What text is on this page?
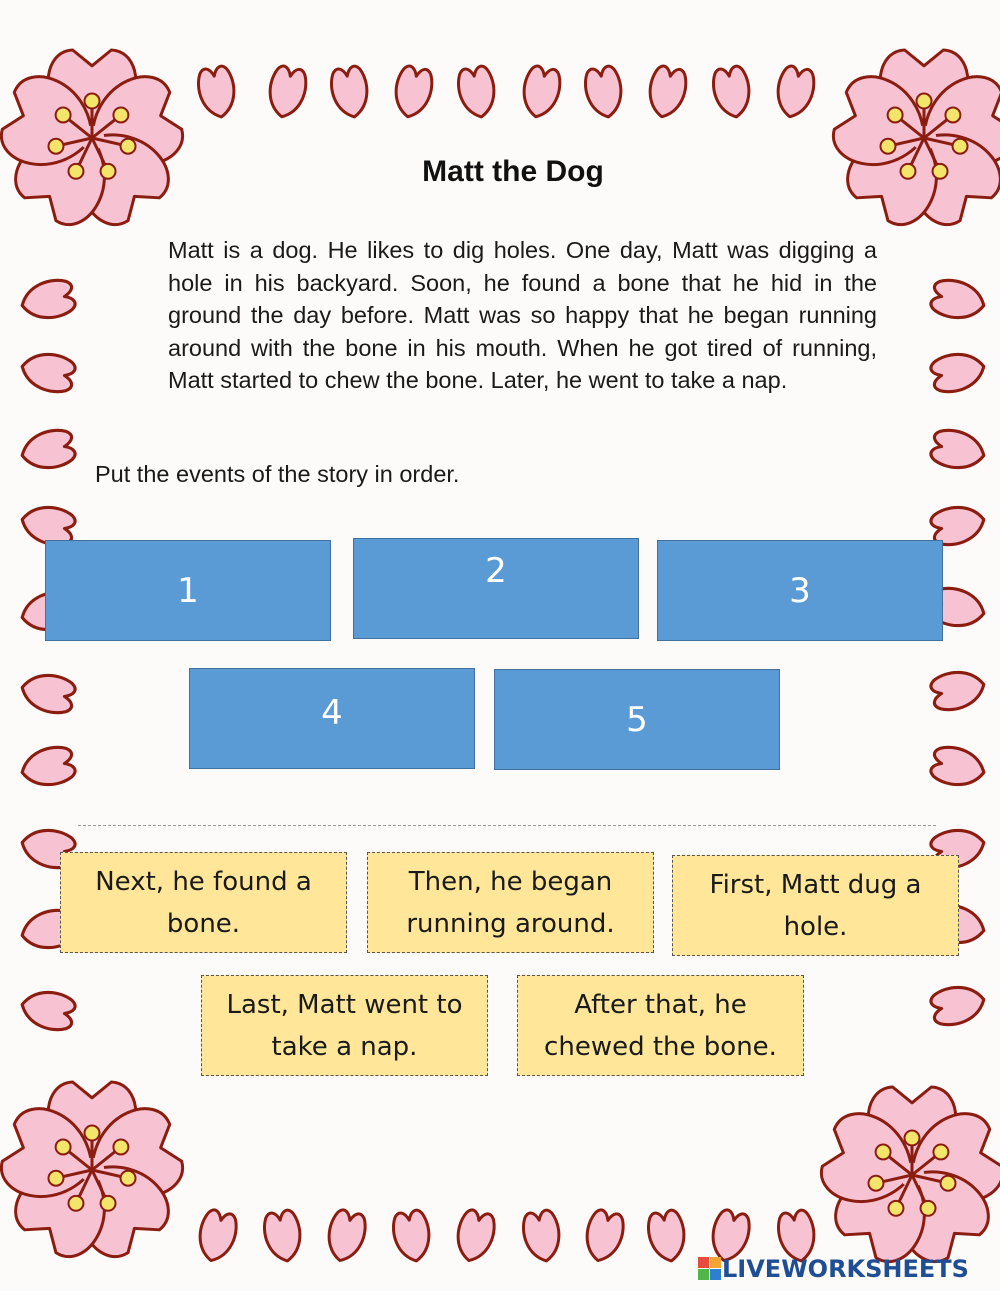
Matt the Dog
Matt is a dog. He likes to dig holes. One day, Matt was digging a hole in his backyard. Soon, he found a bone that he hid in the ground the day before. Matt was so happy that he began running around with the bone in his mouth. When he got tired of running, Matt started to chew the bone. Later, he went to take a nap.
Put the events of the story in order.
1	2	3
4	5
Next, he found a bone.
Then, he began running around.
First, Matt dug a hole.
Last, Matt went to take a nap.
After that, he chewed the bone.
LIVEWORKSHEETS
